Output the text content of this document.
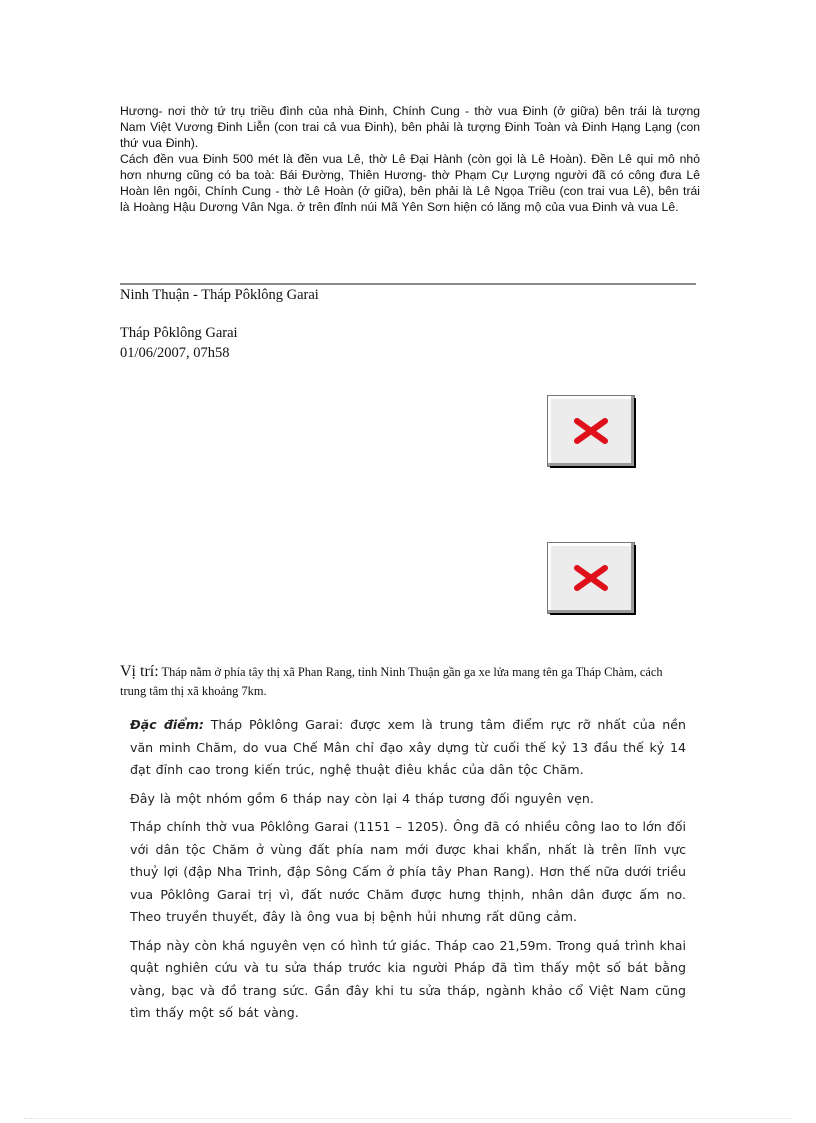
Hương- nơi thờ tứ trụ triều đình của nhà Đinh, Chính Cung - thờ vua Đinh (ở giữa) bên trái là tượng Nam Việt Vương Đinh Liễn (con trai cả vua Đinh), bên phải là tượng Đinh Toàn và Đinh Hạng Lạng (con thứ vua Đinh).

Cách đền vua Đinh 500 mét là đền vua Lê, thờ Lê Đại Hành (còn gọi là Lê Hoàn). Đền Lê qui mô nhỏ hơn nhưng cũng có ba toà: Bái Đường, Thiên Hương- thờ Phạm Cự Lượng người đã có công đưa Lê Hoàn lên ngôi, Chính Cung - thờ Lê Hoàn (ở giữa), bên phải là Lê Ngọa Triều (con trai vua Lê), bên trái là Hoàng Hậu Dương Vân Nga. ở trên đỉnh núi Mã Yên Sơn hiện có lăng mộ của vua Đinh và vua Lê.

Ninh Thuận - Tháp Pôklông Garai
Tháp Pôklông Garai
01/06/2007, 07h58
Vị trí: Tháp nằm ở phía tây thị xã Phan Rang, tỉnh Ninh Thuận gần ga xe lửa mang tên ga Tháp Chàm, cách trung tâm thị xã khoảng 7km.

Đặc điểm: Tháp Pôklông Garai: được xem là trung tâm điểm rực rỡ nhất của nền văn minh Chăm, do vua Chế Mân chỉ đạo xây dựng từ cuối thế kỷ 13 đầu thế kỷ 14 đạt đỉnh cao trong kiến trúc, nghệ thuật điêu khắc của dân tộc Chăm.

Đây là một nhóm gồm 6 tháp nay còn lại 4 tháp tương đối nguyên vẹn.

Tháp chính thờ vua Pôklông Garai (1151 – 1205). Ông đã có nhiều công lao to lớn đối với dân tộc Chăm ở vùng đất phía nam mới được khai khẩn, nhất là trên lĩnh vực thuỷ lợi (đập Nha Trinh, đập Sông Cấm ở phía tây Phan Rang). Hơn thế nữa dưới triều vua Pôklông Garai trị vì, đất nước Chăm được hưng thịnh, nhân dân được ấm no. Theo truyền thuyết, đây là ông vua bị bệnh hủi nhưng rất dũng cảm.

Tháp này còn khá nguyên vẹn có hình tứ giác. Tháp cao 21,59m. Trong quá trình khai quật nghiên cứu và tu sửa tháp trước kia người Pháp đã tìm thấy một số bát bằng vàng, bạc và đồ trang sức. Gần đây khi tu sửa tháp, ngành khảo cổ Việt Nam cũng tìm thấy một số bát vàng.
